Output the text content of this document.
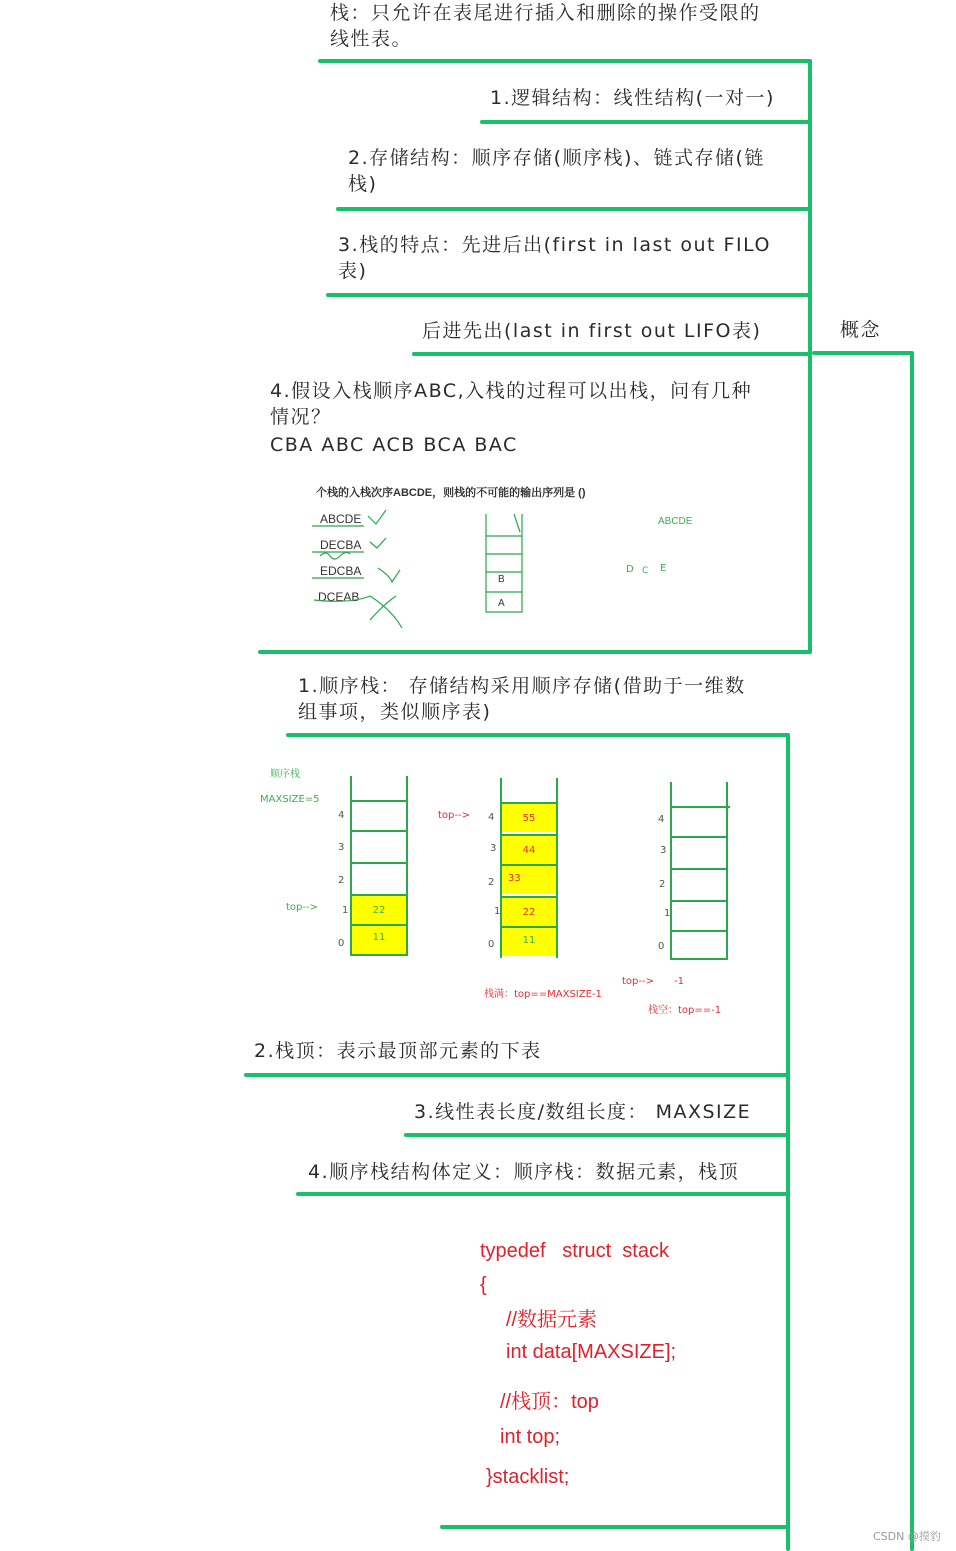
概念
栈：只允许在表尾进行插入和删除的操作受限的
线性表。
1.逻辑结构：线性结构(一对一)
2.存储结构：顺序存储(顺序栈)、链式存储(链
栈)
3.栈的特点：先进后出(first in last out FILO
表)
后进先出(last in first out LIFO表)
4.假设入栈顺序ABC,入栈的过程可以出栈，问有几种
情况？
CBA ABC ACB BCA BAC
个栈的入栈次序ABCDE，则栈的不可能的输出序列是 ()
ABCDE
DECBA
EDCBA
DCEAB
B
A
ABCDE
D C E
1.顺序栈： 存储结构采用顺序存储(借助于一维数
组事项，类似顺序表)
顺序栈
MAXSIZE=5
22
11
4
3
2
1
0
top-->
55
44
33
22
11
4
3
2
1
0
top-->
栈满：top==MAXSIZE-1
4
3
2
1
0
top--> -1
栈空：top==-1
2.栈顶：表示最顶部元素的下表
3.线性表长度/数组长度： MAXSIZE
4.顺序栈结构体定义：顺序栈：数据元素，栈顶
typedef   struct  stack
{
//数据元素
int data[MAXSIZE];
//栈顶：top
int top;
}stacklist;
CSDN @摸豹
